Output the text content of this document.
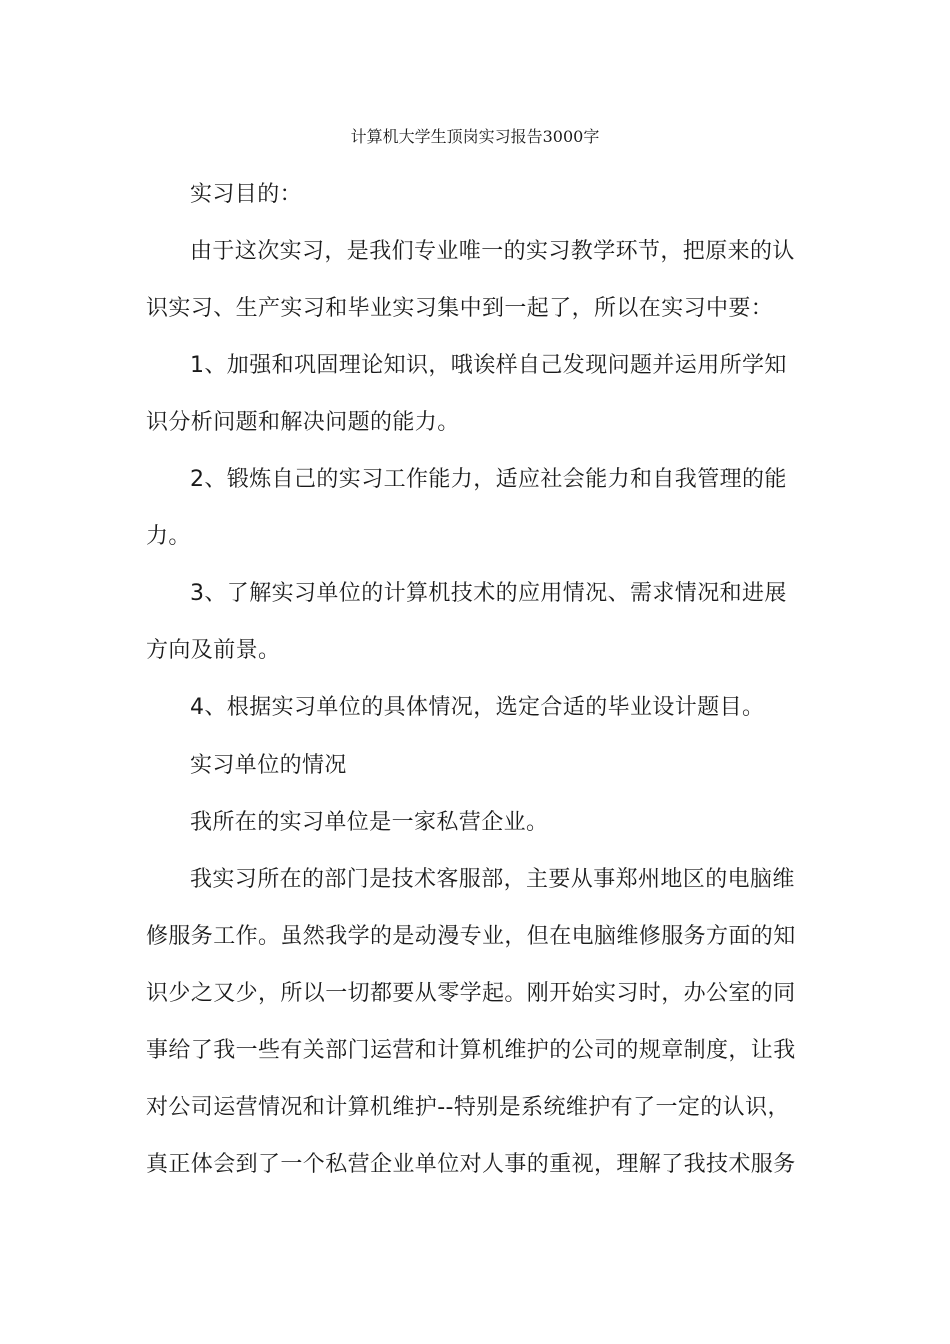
计算机大学生顶岗实习报告3000字
实习目的：
由于这次实习，是我们专业唯一的实习教学环节，把原来的认
识实习、生产实习和毕业实习集中到一起了，所以在实习中要：
1、加强和巩固理论知识，哦诶样自己发现问题并运用所学知
识分析问题和解决问题的能力。
2、锻炼自己的实习工作能力，适应社会能力和自我管理的能
力。
3、了解实习单位的计算机技术的应用情况、需求情况和进展
方向及前景。
4、根据实习单位的具体情况，选定合适的毕业设计题目。
实习单位的情况
我所在的实习单位是一家私营企业。
我实习所在的部门是技术客服部，主要从事郑州地区的电脑维
修服务工作。虽然我学的是动漫专业，但在电脑维修服务方面的知
识少之又少，所以一切都要从零学起。刚开始实习时，办公室的同
事给了我一些有关部门运营和计算机维护的公司的规章制度，让我
对公司运营情况和计算机维护--特别是系统维护有了一定的认识，
真正体会到了一个私营企业单位对人事的重视，理解了我技术服务
